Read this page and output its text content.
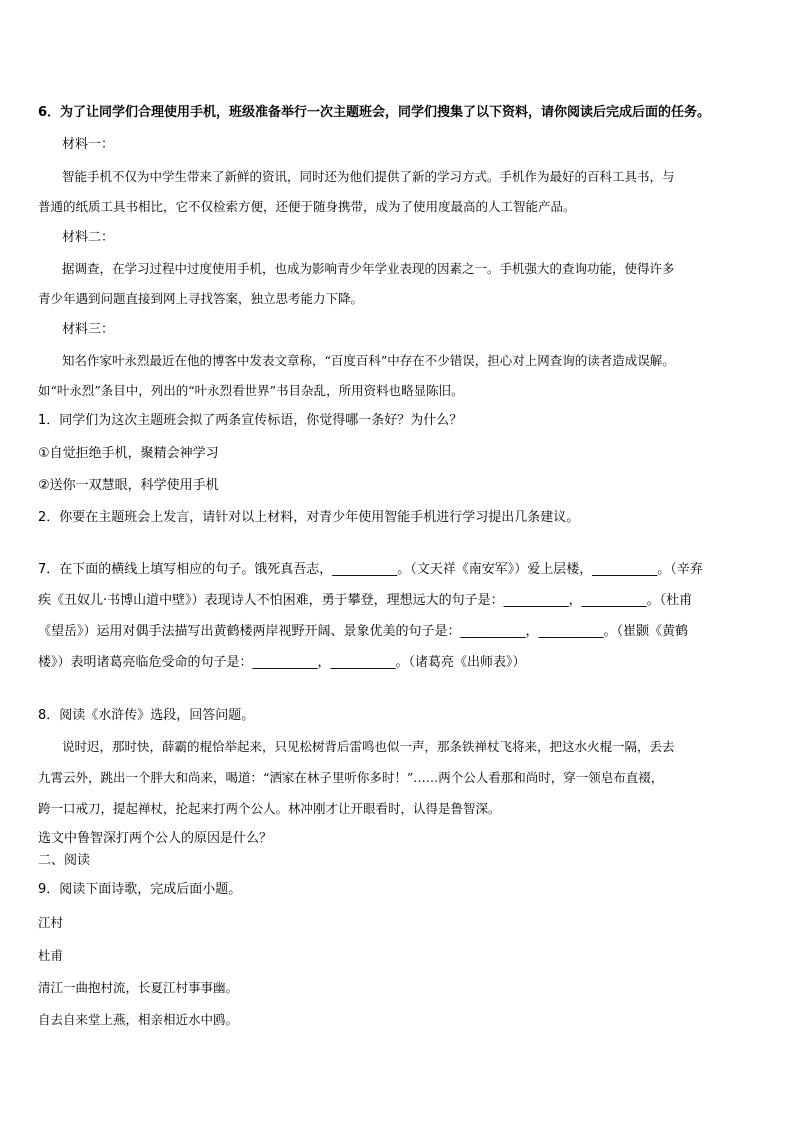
6．为了让同学们合理使用手机，班级准备举行一次主题班会，同学们搜集了以下资料，请你阅读后完成后面的任务。
材料一：
智能手机不仅为中学生带来了新鲜的资讯，同时还为他们提供了新的学习方式。手机作为最好的百科工具书，与
普通的纸质工具书相比，它不仅检索方便，还便于随身携带，成为了使用度最高的人工智能产品。
材料二：
据调查，在学习过程中过度使用手机，也成为影响青少年学业表现的因素之一。手机强大的查询功能，使得许多
青少年遇到问题直接到网上寻找答案，独立思考能力下降。
材料三：
知名作家叶永烈最近在他的博客中发表文章称，“百度百科”中存在不少错误，担心对上网查询的读者造成误解。
如“叶永烈”条目中，列出的“叶永烈看世界”书目杂乱，所用资料也略显陈旧。
1．同学们为这次主题班会拟了两条宣传标语，你觉得哪一条好？为什么？
①自觉拒绝手机，聚精会神学习
②送你一双慧眼，科学使用手机
2．你要在主题班会上发言，请针对以上材料，对青少年使用智能手机进行学习提出几条建议。
7．在下面的横线上填写相应的句子。饿死真吾志，__________。（文天祥《南安军》）爱上层楼，__________。（辛弃
疾《丑奴儿·书博山道中壁》）表现诗人不怕困难，勇于攀登，理想远大的句子是：__________，__________。（杜甫
《望岳》）运用对偶手法描写出黄鹤楼两岸视野开阔、景象优美的句子是：__________，__________。（崔颢《黄鹤
楼》）表明诸葛亮临危受命的句子是：__________，__________。（诸葛亮《出师表》）
8．阅读《水浒传》选段，回答问题。
说时迟，那时快，薛霸的棍恰举起来，只见松树背后雷鸣也似一声，那条铁禅杖飞将来，把这水火棍一隔，丢去
九霄云外，跳出一个胖大和尚来，喝道：“洒家在林子里听你多时！”……两个公人看那和尚时，穿一领皂布直裰，
跨一口戒刀，提起禅杖，抡起来打两个公人。林冲刚才让开眼看时，认得是鲁智深。
选文中鲁智深打两个公人的原因是什么？
二、阅读
9．阅读下面诗歌，完成后面小题。
江村
杜甫
清江一曲抱村流，长夏江村事事幽。
自去自来堂上燕，相亲相近水中鸥。
